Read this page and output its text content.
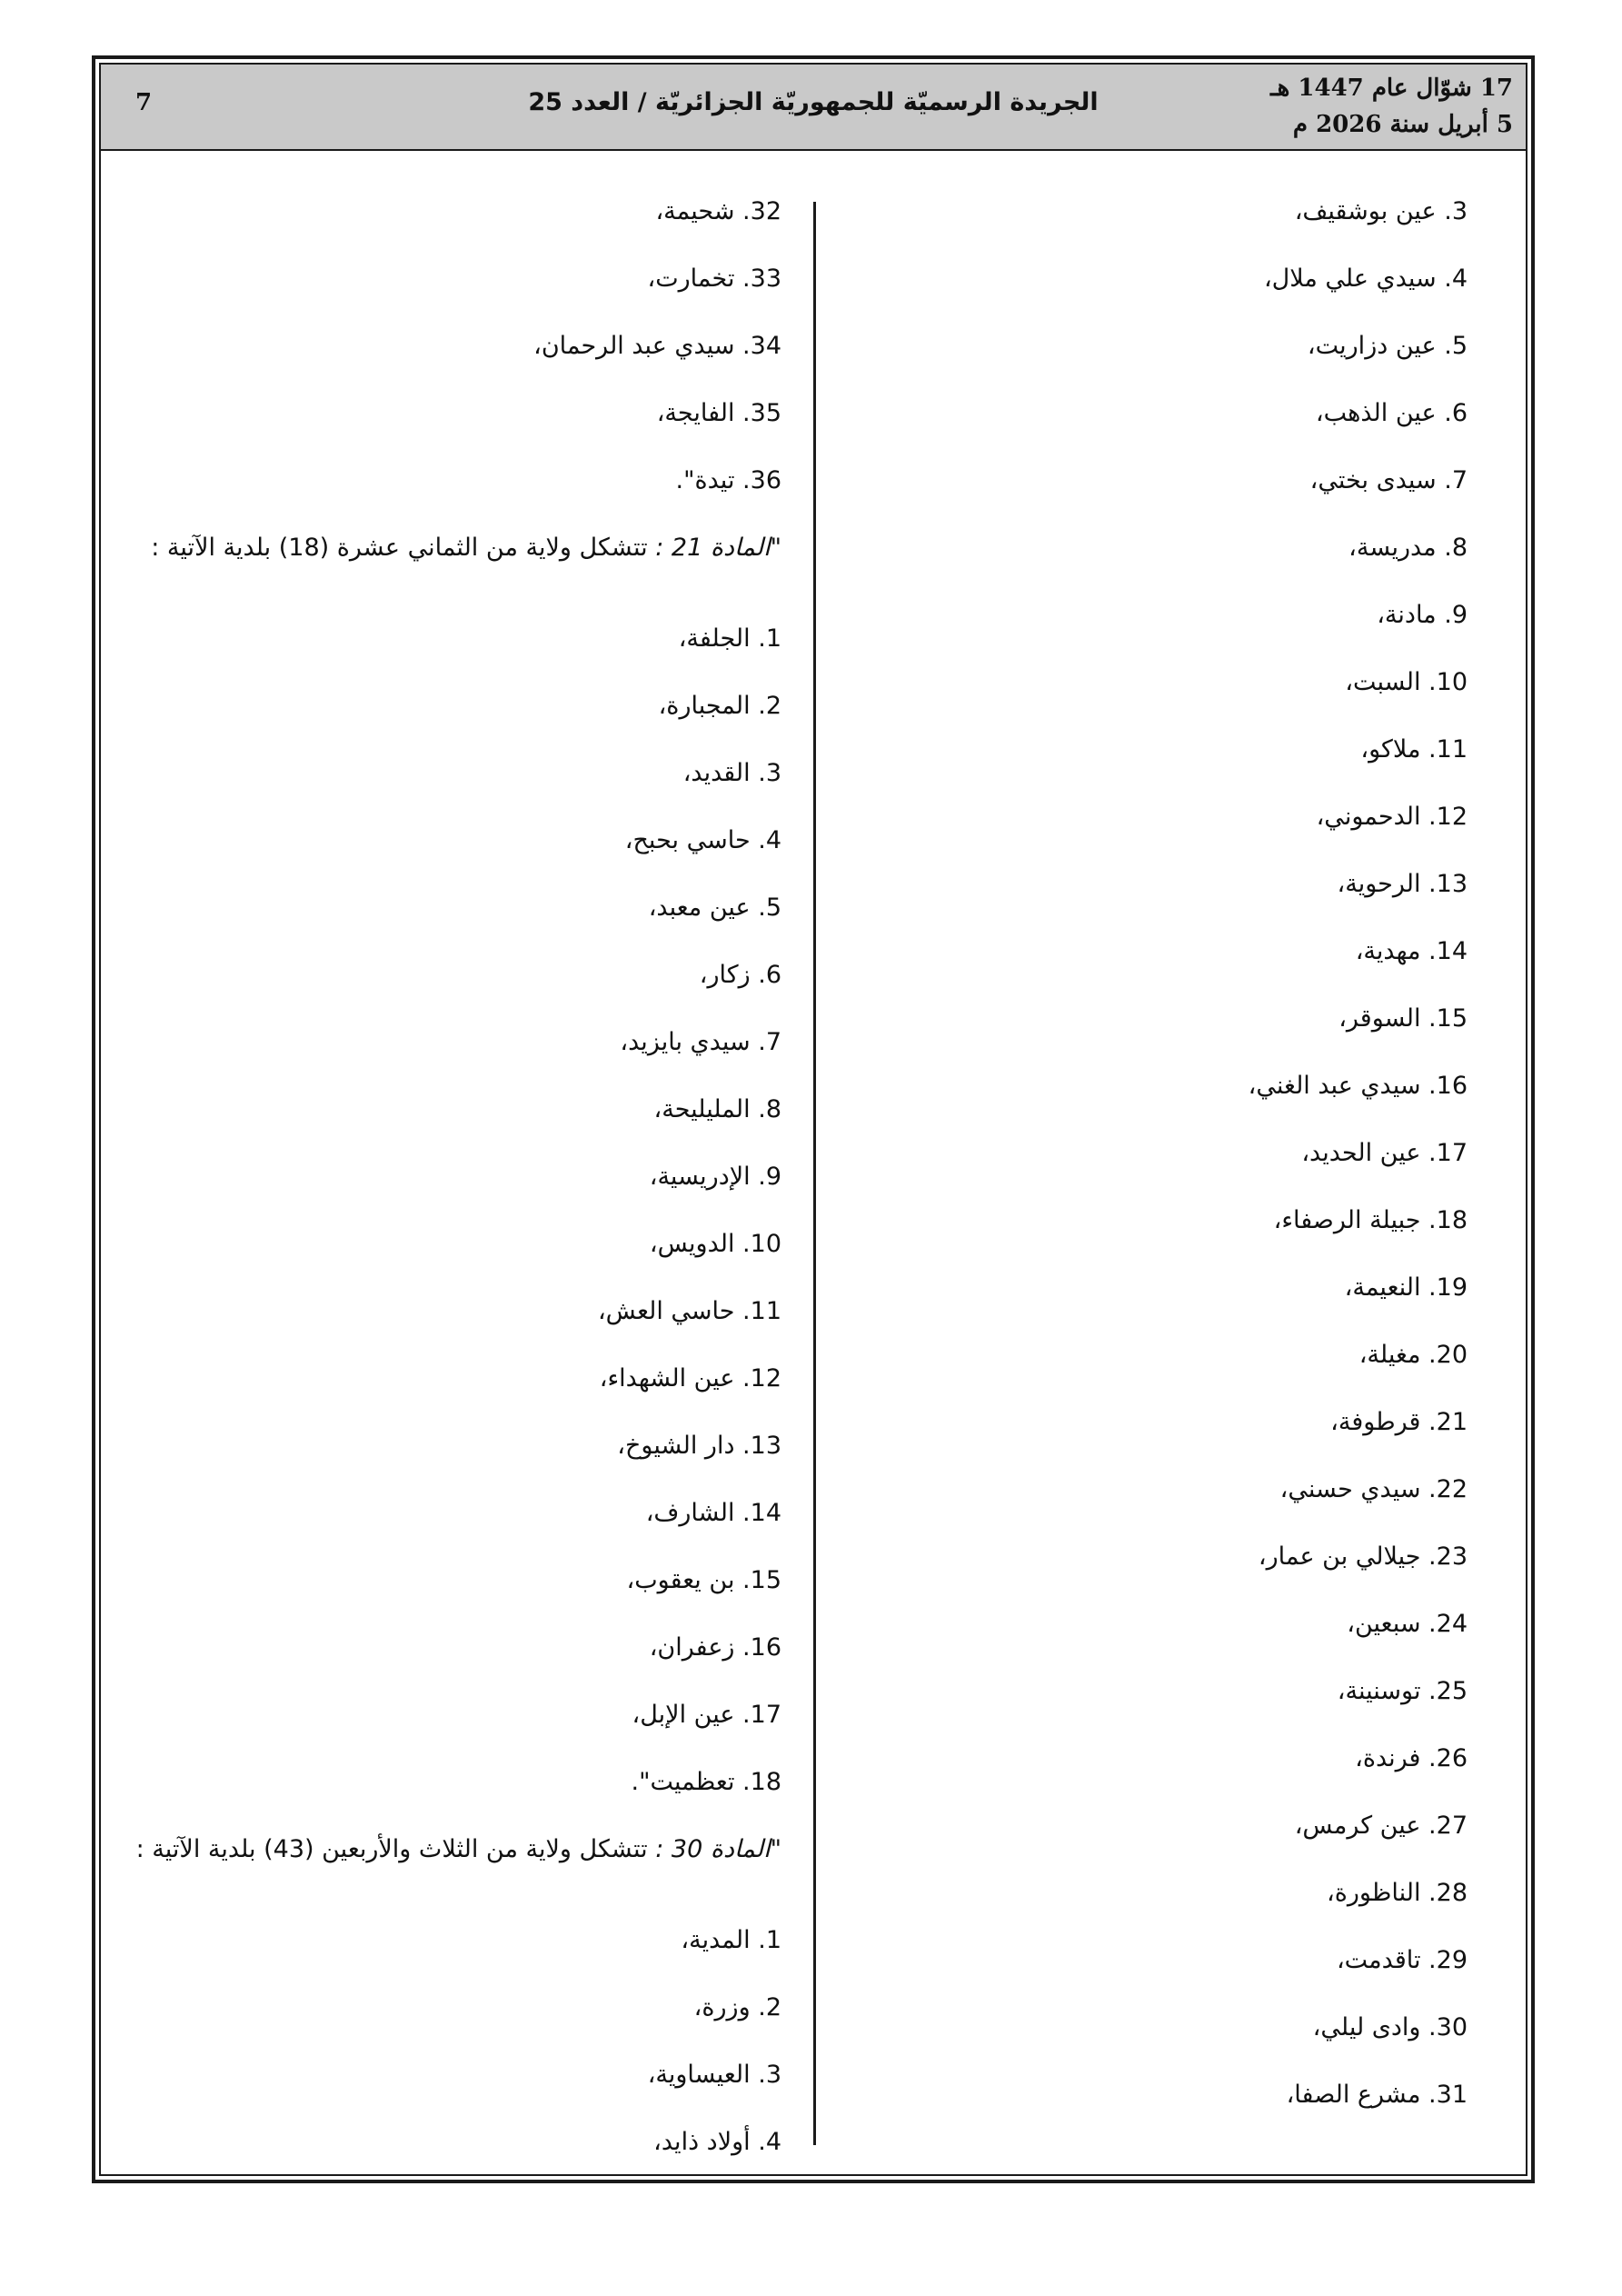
17 شوّال عام 1447 هـ
5 أبريل سنة 2026 م
الجريدة الرسميّة للجمهوريّة الجزائريّة / العدد 25
7
3. عين بوشقيف،
4. سيدي علي ملال،
5. عين دزاريت،
6. عين الذهب،
7. سيدى بختي،
8. مدريسة،
9. مادنة،
10. السبت،
11. ملاكو،
12. الدحموني،
13. الرحوية،
14. مهدية،
15. السوقر،
16. سيدي عبد الغني،
17. عين الحديد،
18. جبيلة الرصفاء،
19. النعيمة،
20. مغيلة،
21. قرطوفة،
22. سيدي حسني،
23. جيلالي بن عمار،
24. سبعين،
25. توسنينة،
26. فرندة،
27. عين كرمس،
28. الناظورة،
29. تاقدمت،
30. وادى ليلي،
31. مشرع الصفا،
32. شحيمة،
33. تخمارت،
34. سيدي عبد الرحمان،
35. الفايجة،
36. تيدة".
"المادة 21 : تتشكل ولاية من الثماني عشرة (18) بلدية الآتية :
1. الجلفة،
2. المجبارة،
3. القديد،
4. حاسي بحبح،
5. عين معبد،
6. زكار،
7. سيدي بايزيد،
8. المليليحة،
9. الإدريسية،
10. الدويس،
11. حاسي العش،
12. عين الشهداء،
13. دار الشيوخ،
14. الشارف،
15. بن يعقوب،
16. زعفران،
17. عين الإبل،
18. تعظميت".
"المادة 30 : تتشكل ولاية من الثلاث والأربعين (43) بلدية الآتية :
1. المدية،
2. وزرة،
3. العيساوية،
4. أولاد ذايد،
